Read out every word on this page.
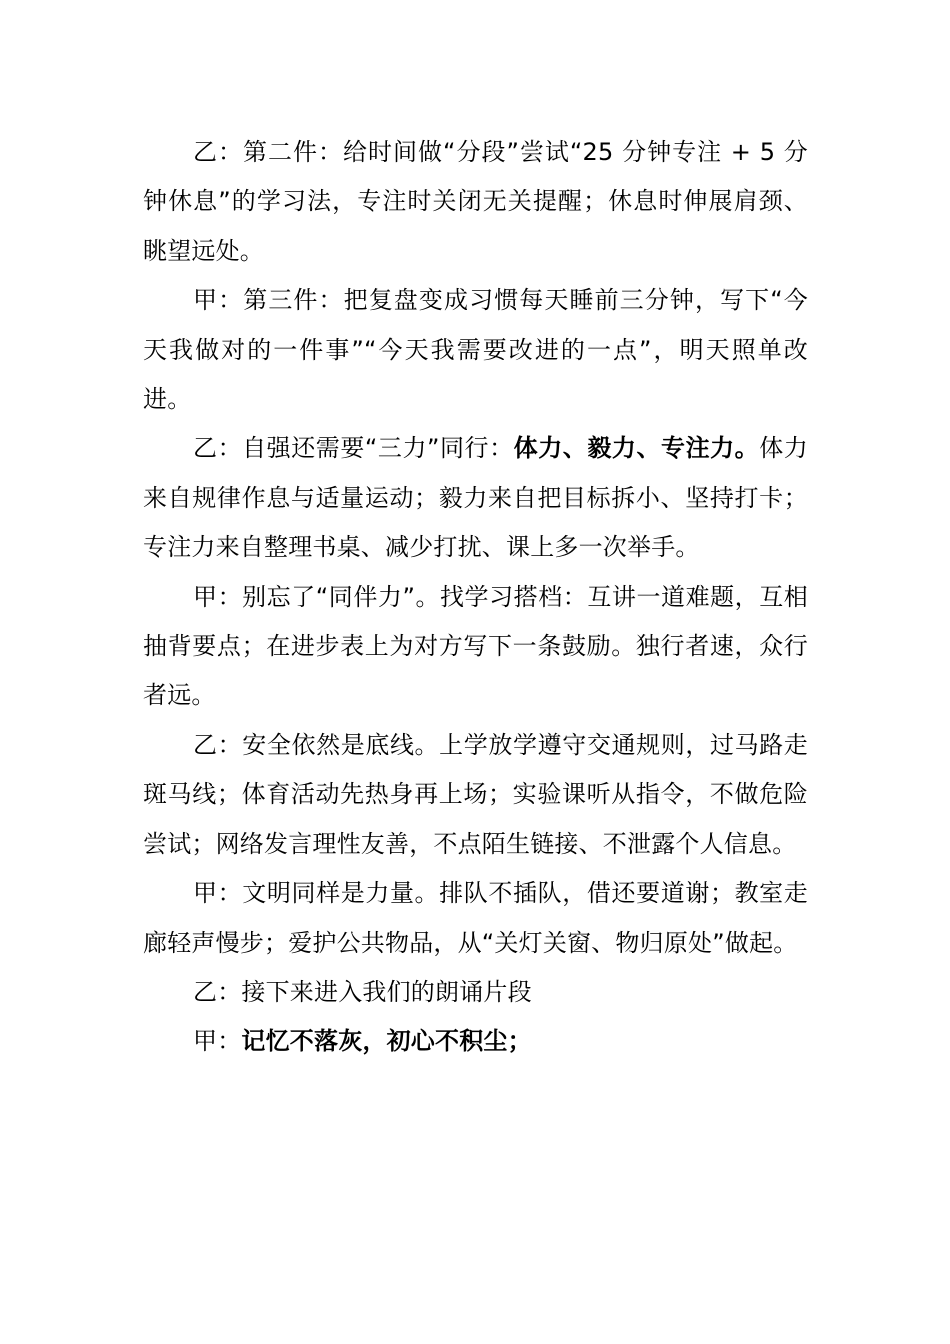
乙：第二件：给时间做“分段”尝试“25 分钟专注 + 5 分钟休息”的学习法，专注时关闭无关提醒；休息时伸展肩颈、眺望远处。

甲：第三件：把复盘变成习惯每天睡前三分钟，写下“今天我做对的一件事”“今天我需要改进的一点”，明天照单改进。

乙：自强还需要“三力”同行：体力、毅力、专注力。体力来自规律作息与适量运动；毅力来自把目标拆小、坚持打卡；专注力来自整理书桌、减少打扰、课上多一次举手。

甲：别忘了“同伴力”。找学习搭档：互讲一道难题，互相抽背要点；在进步表上为对方写下一条鼓励。独行者速，众行者远。

乙：安全依然是底线。上学放学遵守交通规则，过马路走斑马线；体育活动先热身再上场；实验课听从指令，不做危险尝试；网络发言理性友善，不点陌生链接、不泄露个人信息。

甲：文明同样是力量。排队不插队，借还要道谢；教室走廊轻声慢步；爱护公共物品，从“关灯关窗、物归原处”做起。

乙：接下来进入我们的朗诵片段

甲：记忆不落灰，初心不积尘；
